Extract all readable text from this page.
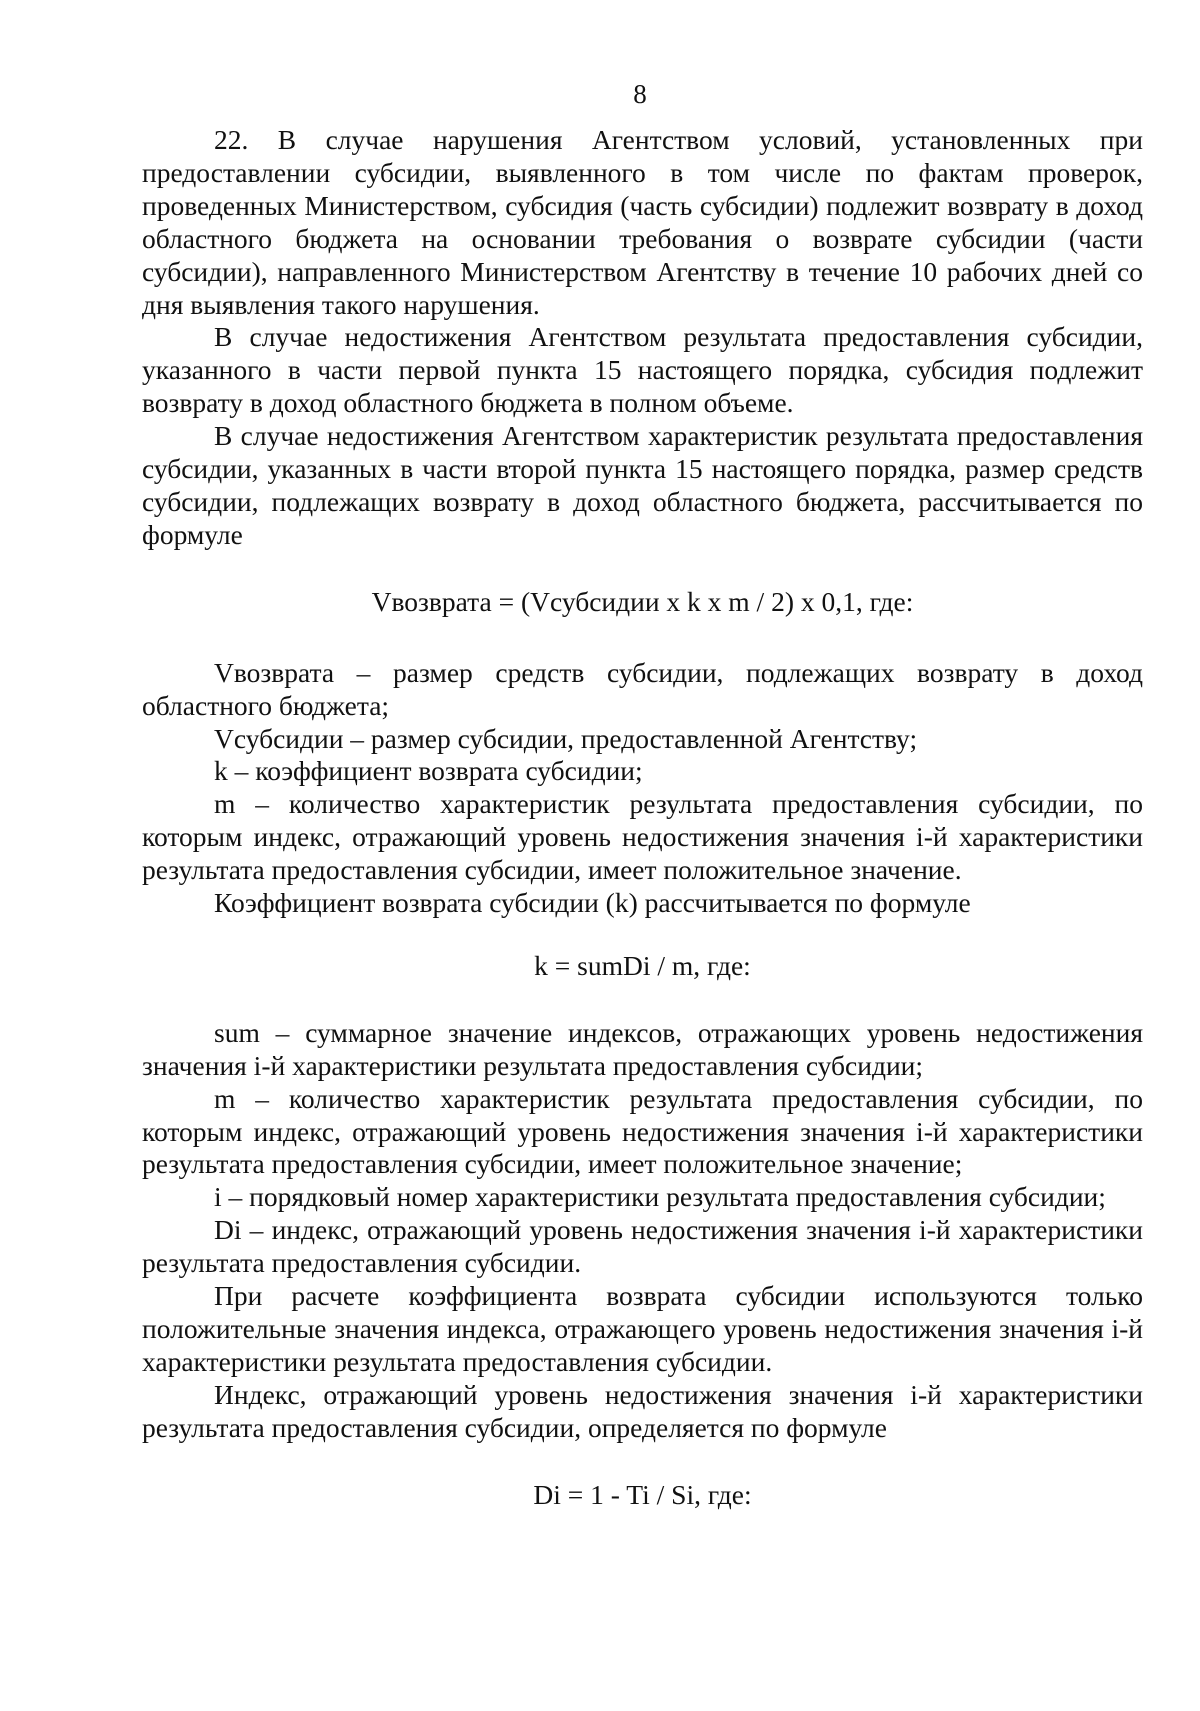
8

22. В случае нарушения Агентством условий, установленных при предоставлении субсидии, выявленного в том числе по фактам проверок, проведенных Министерством, субсидия (часть субсидии) подлежит возврату в доход областного бюджета на основании требования о возврате субсидии (части субсидии), направленного Министерством Агентству в течение 10 рабочих дней со дня выявления такого нарушения.

В случае недостижения Агентством результата предоставления субсидии, указанного в части первой пункта 15 настоящего порядка, субсидия подлежит возврату в доход областного бюджета в полном объеме.

В случае недостижения Агентством характеристик результата предоставления субсидии, указанных в части второй пункта 15 настоящего порядка, размер средств субсидии, подлежащих возврату в доход областного бюджета, рассчитывается по формуле

Vвозврата = (Vсубсидии x k x m / 2) x 0,1, где:

Vвозврата – размер средств субсидии, подлежащих возврату в доход областного бюджета;

Vсубсидии – размер субсидии, предоставленной Агентству;

k – коэффициент возврата субсидии;

m – количество характеристик результата предоставления субсидии, по которым индекс, отражающий уровень недостижения значения i-й характеристики результата предоставления субсидии, имеет положительное значение.

Коэффициент возврата субсидии (k) рассчитывается по формуле

k = sumDi / m, где:

sum – суммарное значение индексов, отражающих уровень недостижения значения i-й характеристики результата предоставления субсидии;

m – количество характеристик результата предоставления субсидии, по которым индекс, отражающий уровень недостижения значения i-й характеристики результата предоставления субсидии, имеет положительное значение;

i – порядковый номер характеристики результата предоставления субсидии;

Di – индекс, отражающий уровень недостижения значения i-й характеристики результата предоставления субсидии.

При расчете коэффициента возврата субсидии используются только положительные значения индекса, отражающего уровень недостижения значения i-й характеристики результата предоставления субсидии.

Индекс, отражающий уровень недостижения значения i-й характеристики результата предоставления субсидии, определяется по формуле

Di = 1 - Ti / Si, где:
